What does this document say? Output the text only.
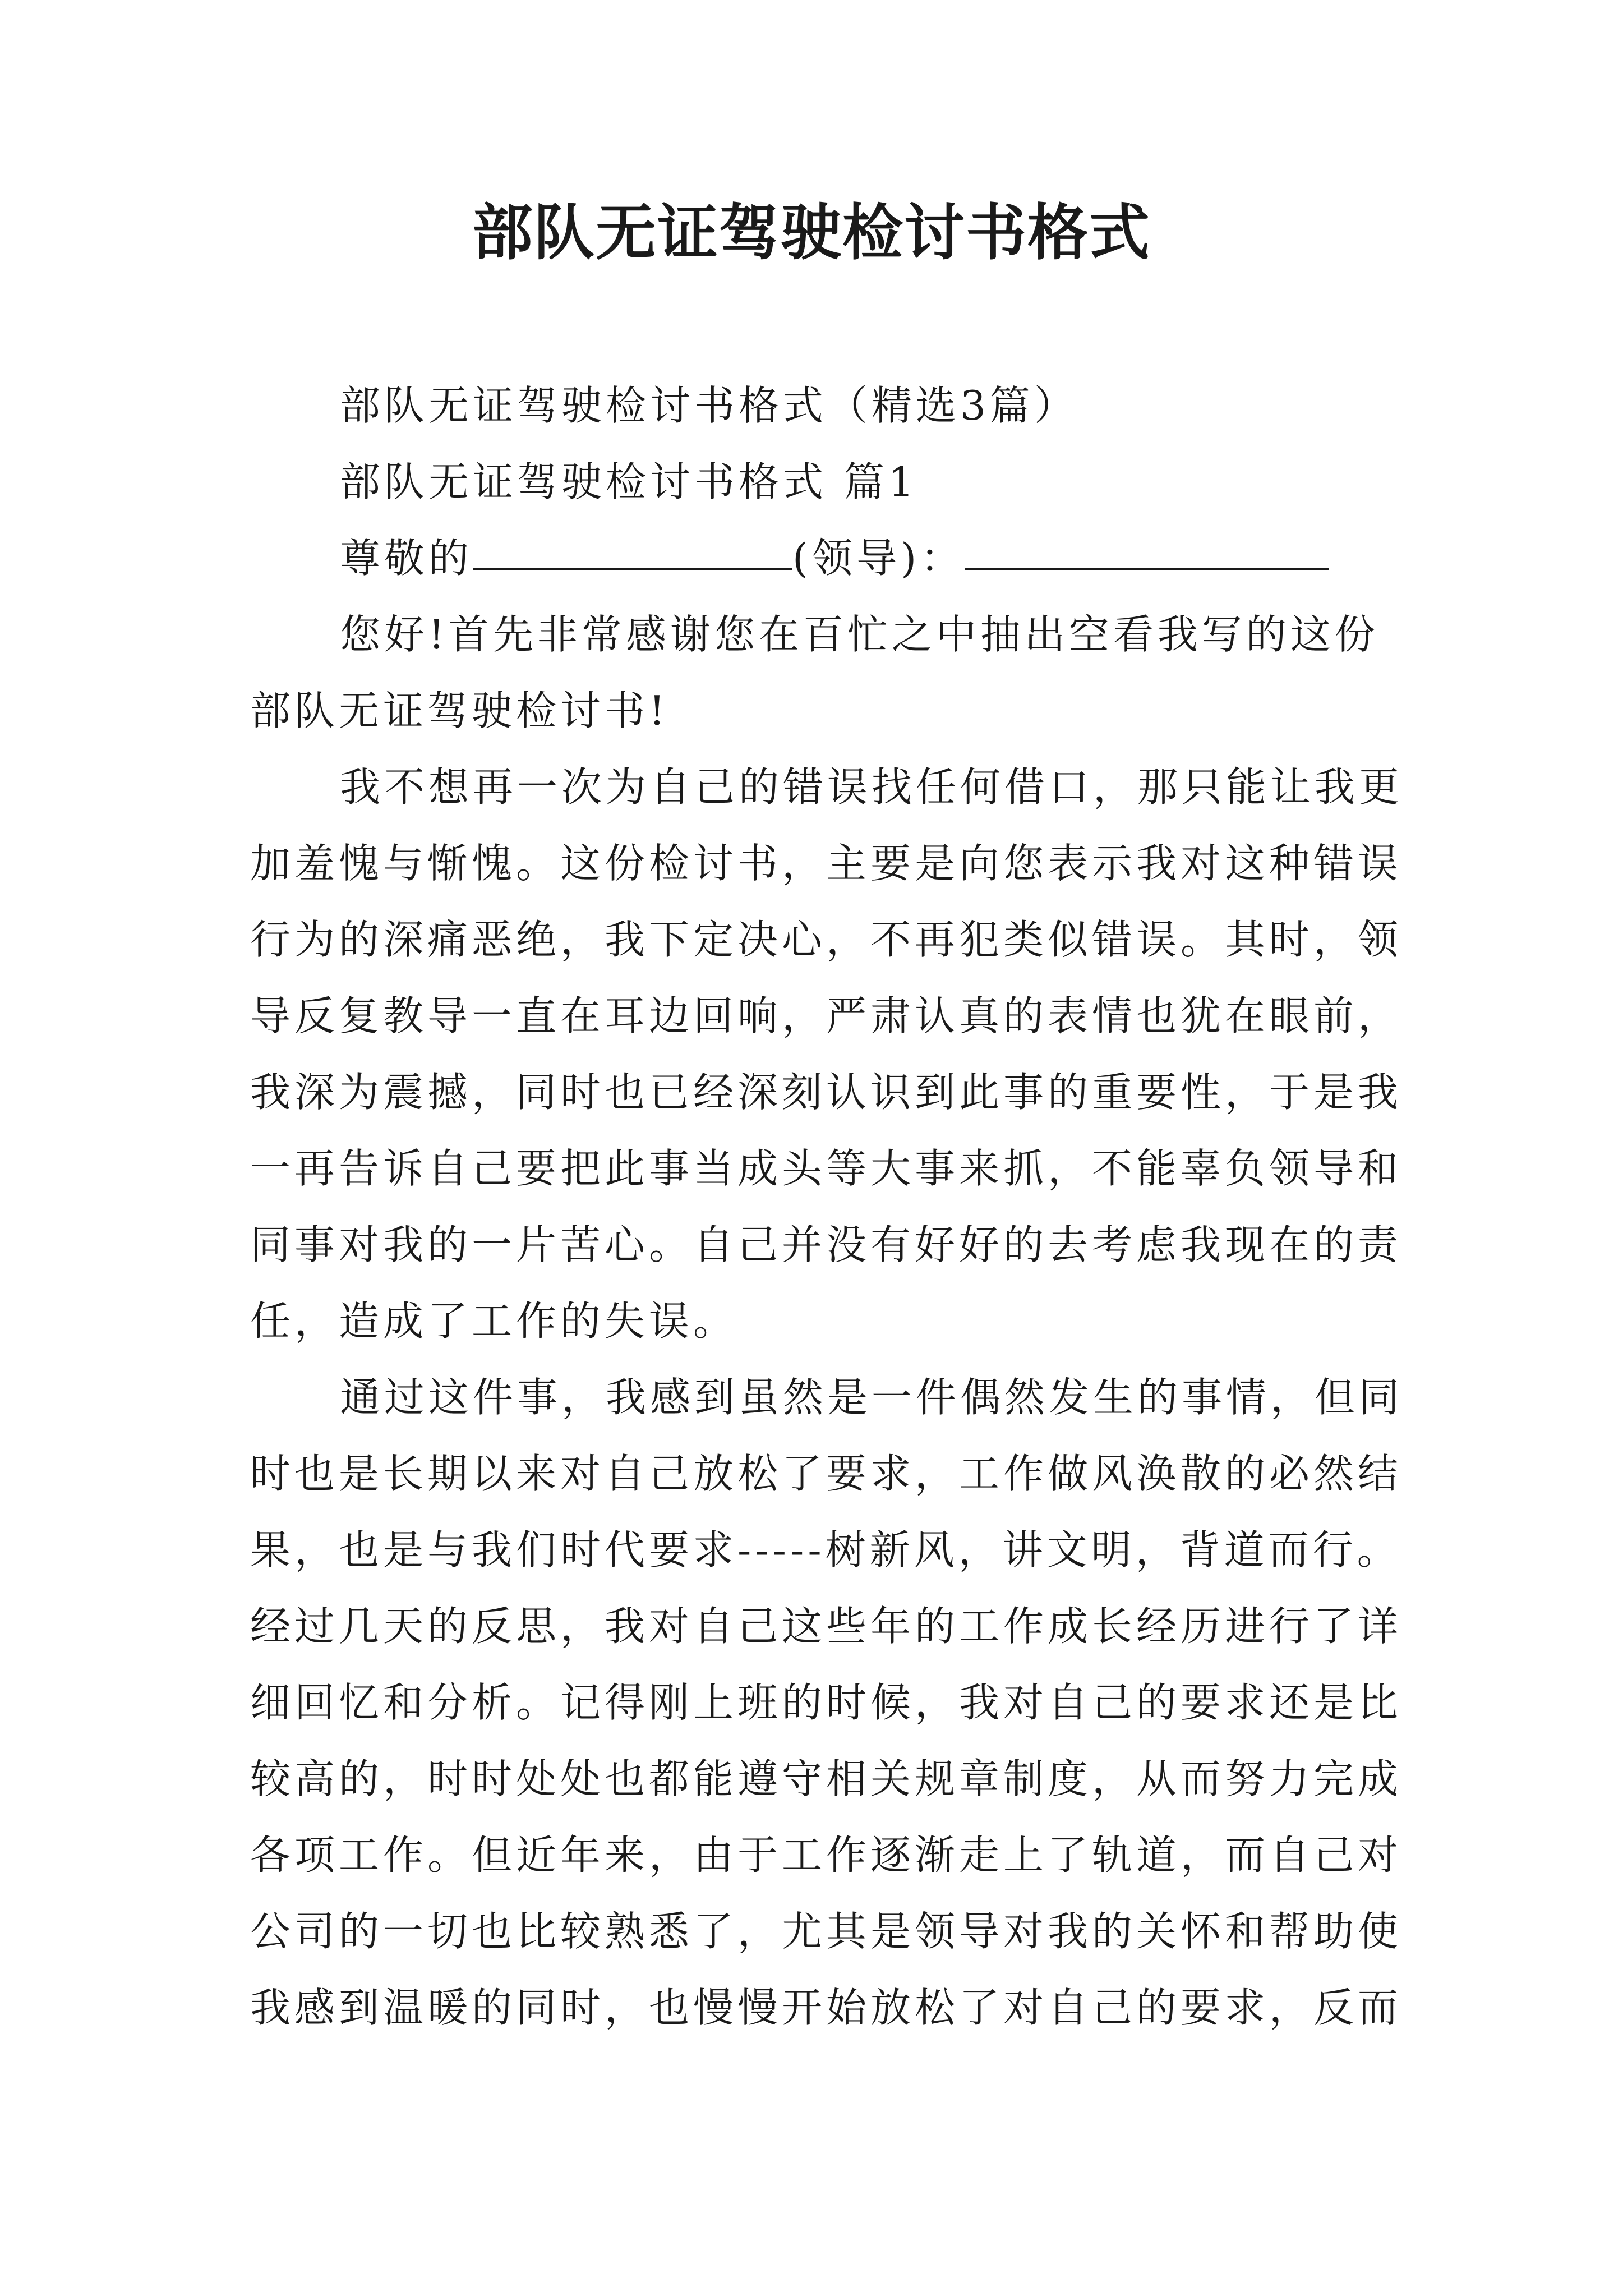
部队无证驾驶检讨书格式
部队无证驾驶检讨书格式（精选3篇）
部队无证驾驶检讨书格式 篇1
尊敬的	(领导)：
您好!首先非常感谢您在百忙之中抽出空看我写的这份
部队无证驾驶检讨书!
我不想再一次为自己的错误找任何借口，那只能让我更
加羞愧与惭愧。这份检讨书，主要是向您表示我对这种错误
行为的深痛恶绝，我下定决心，不再犯类似错误。其时，领
导反复教导一直在耳边回响，严肃认真的表情也犹在眼前，
我深为震撼，同时也已经深刻认识到此事的重要性，于是我
一再告诉自己要把此事当成头等大事来抓，不能辜负领导和
同事对我的一片苦心。自己并没有好好的去考虑我现在的责
任，造成了工作的失误。
通过这件事，我感到虽然是一件偶然发生的事情，但同
时也是长期以来对自己放松了要求，工作做风涣散的必然结
果，也是与我们时代要求-----树新风，讲文明，背道而行。
经过几天的反思，我对自己这些年的工作成长经历进行了详
细回忆和分析。记得刚上班的时候，我对自己的要求还是比
较高的，时时处处也都能遵守相关规章制度，从而努力完成
各项工作。但近年来，由于工作逐渐走上了轨道，而自己对
公司的一切也比较熟悉了，尤其是领导对我的关怀和帮助使
我感到温暖的同时，也慢慢开始放松了对自己的要求，反而
